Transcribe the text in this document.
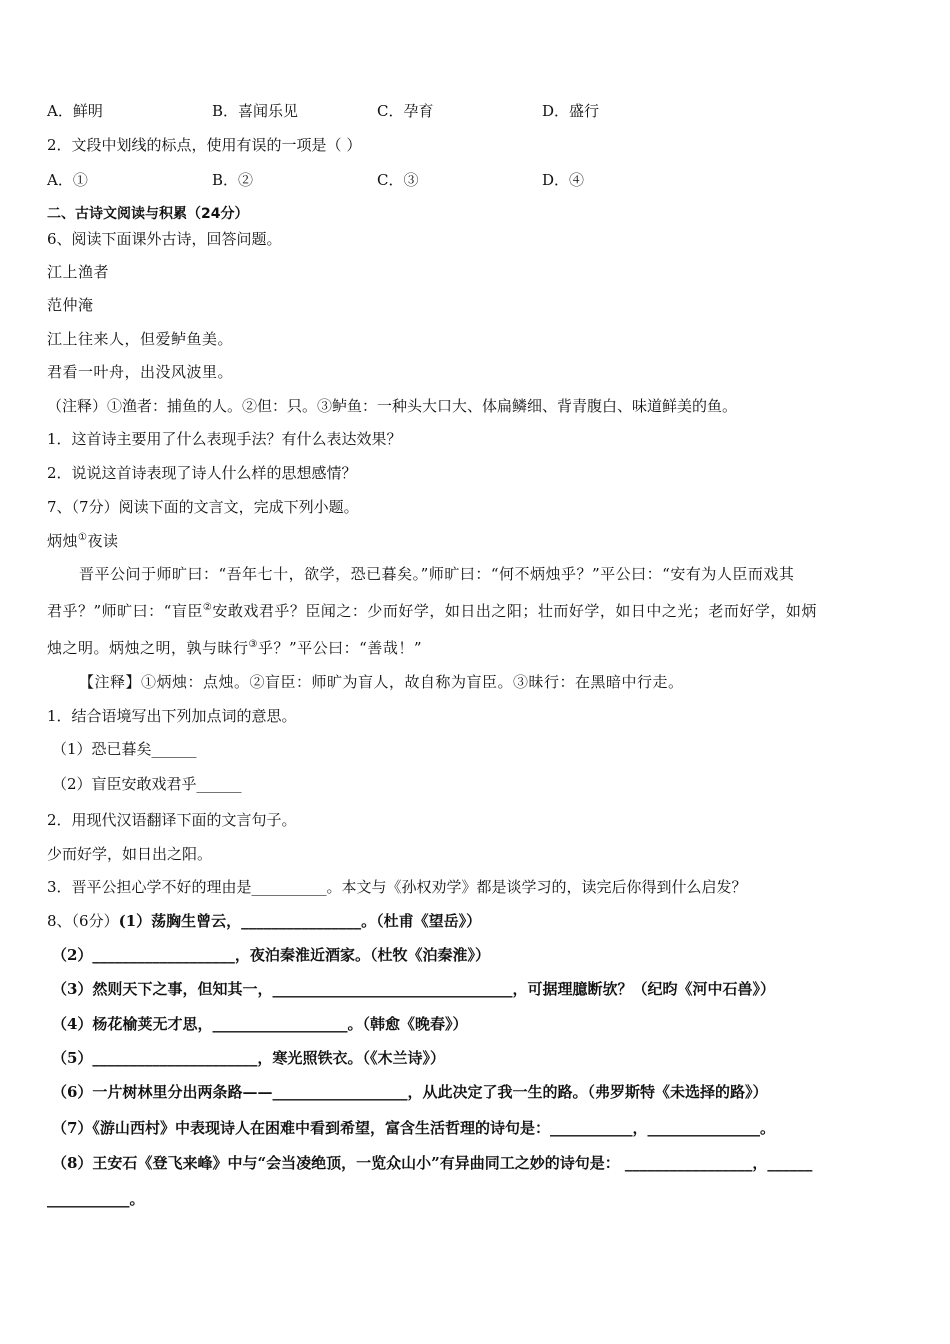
A．鲜明	B．喜闻乐见	C．孕育	D．盛行
2．文段中划线的标点，使用有误的一项是（ ）
A．①	B．②	C．③	D．④
二、古诗文阅读与积累（24分）
6、阅读下面课外古诗，回答问题。
江上渔者
范仲淹
江上往来人，但爱鲈鱼美。
君看一叶舟，出没风波里。
（注释）①渔者：捕鱼的人。②但：只。③鲈鱼：一种头大口大、体扁鳞细、背青腹白、味道鲜美的鱼。
1．这首诗主要用了什么表现手法？有什么表达效果？
2．说说这首诗表现了诗人什么样的思想感情？
7、（7分）阅读下面的文言文，完成下列小题。
炳烛①夜读
晋平公问于师旷曰：“吾年七十，欲学，恐已暮矣。”师旷曰：“何不炳烛乎？”平公曰：“安有为人臣而戏其
君乎？”师旷曰：“盲臣②安敢戏君乎？臣闻之：少而好学，如日出之阳；壮而好学，如日中之光；老而好学，如炳
烛之明。炳烛之明，孰与昧行③乎？”平公曰：“善哉！”
【注释】①炳烛：点烛。②盲臣：师旷为盲人，故自称为盲臣。③昧行：在黑暗中行走。
1．结合语境写出下列加点词的意思。
（1）恐已暮矣______
（2）盲臣安敢戏君乎______
2．用现代汉语翻译下面的文言句子。
少而好学，如日出之阳。
3．晋平公担心学不好的理由是__________。本文与《孙权劝学》都是谈学习的，读完后你得到什么启发？
8、（6分）(1）荡胸生曾云，________________。（杜甫《望岳》）
（2）___________________，夜泊秦淮近酒家。（杜牧《泊秦淮》）
（3）然则天下之事，但知其一，________________________________，可据理臆断欤？（纪昀《河中石兽》）
（4）杨花榆荚无才思，__________________。（韩愈《晚春》）
（5）______________________，寒光照铁衣。（《木兰诗》）
（6）一片树林里分出两条路——__________________，从此决定了我一生的路。（弗罗斯特《未选择的路》）
（7）《游山西村》中表现诗人在困难中看到希望，富含生活哲理的诗句是：___________，_______________。
（8）王安石《登飞来峰》中与“会当凌绝顶，一览众山小”有异曲同工之妙的诗句是： _________________，______
___________。
